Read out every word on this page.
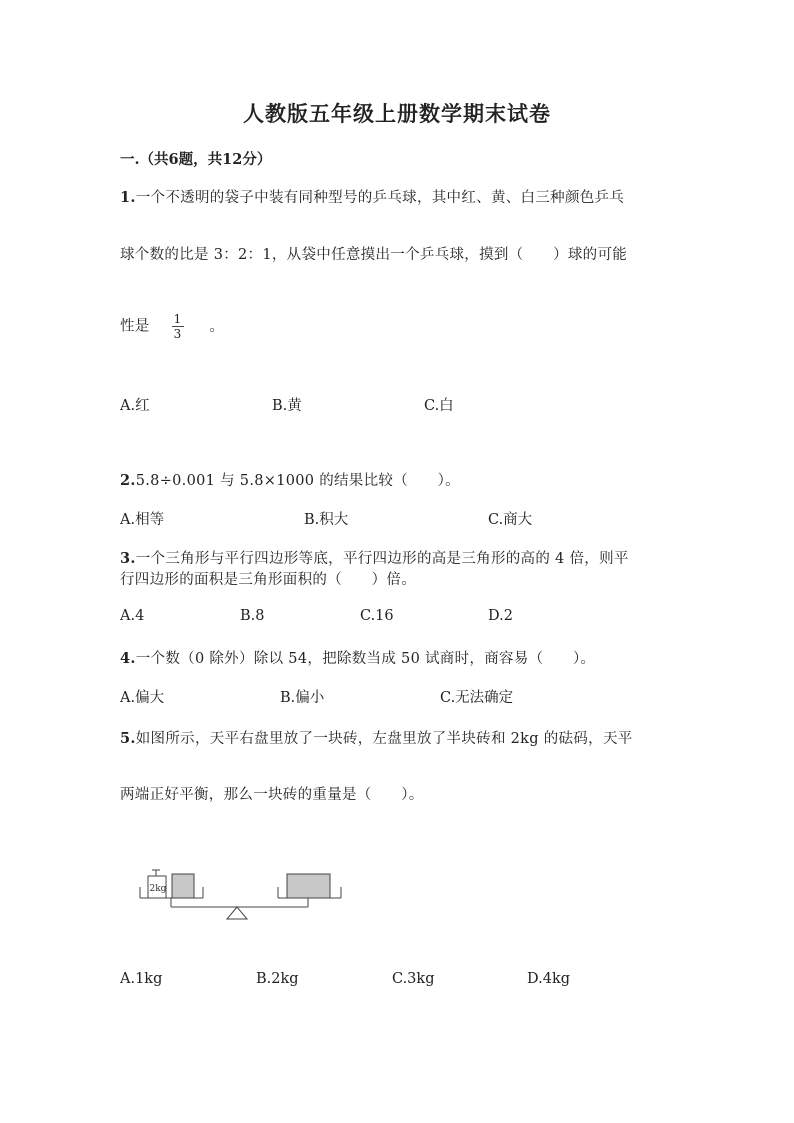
人教版五年级上册数学期末试卷
一.（共6题，共12分）
1.一个不透明的袋子中装有同种型号的乒乓球，其中红、黄、白三种颜色乒乓
球个数的比是 3：2：1，从袋中任意摸出一个乒乓球，摸到（　　）球的可能
性是 $\frac{1}{3}$ 。
A.红	B.黄	C.白
2.5.8÷0.001 与 5.8×1000 的结果比较（　　）。
A.相等	B.积大	C.商大
3.一个三角形与平行四边形等底，平行四边形的高是三角形的高的 4 倍，则平
行四边形的面积是三角形面积的（　　）倍。
A.4	B.8	C.16	D.2
4.一个数（0 除外）除以 54，把除数当成 50 试商时，商容易（　　）。
A.偏大	B.偏小	C.无法确定
5.如图所示，天平右盘里放了一块砖，左盘里放了半块砖和 2kg 的砝码，天平
两端正好平衡，那么一块砖的重量是（　　）。
2kg
A.1kg	B.2kg	C.3kg	D.4kg
